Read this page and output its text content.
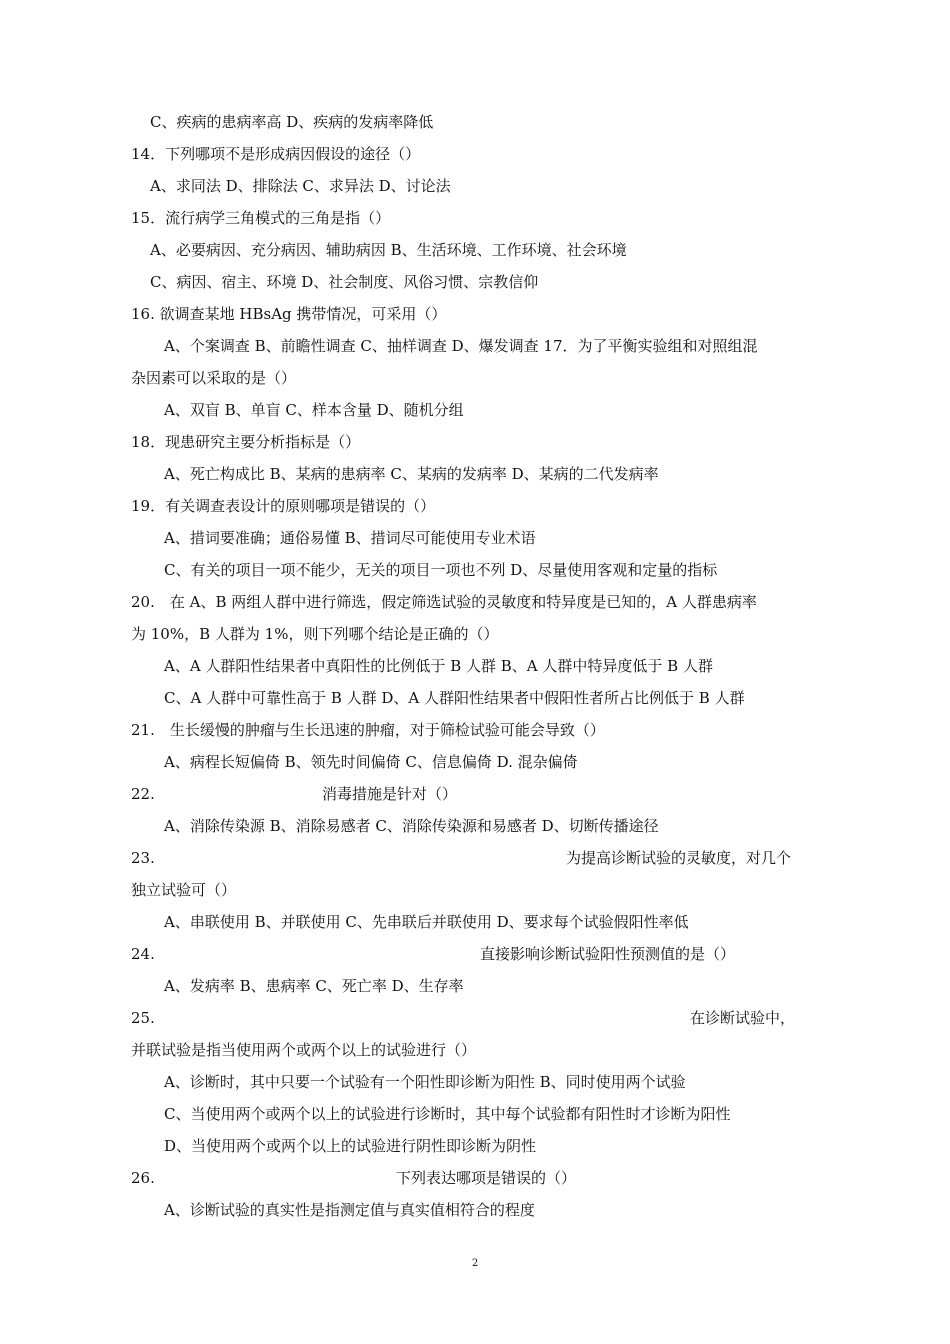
C、疾病的患病率高 D、疾病的发病率降低
14．下列哪项不是形成病因假设的途径（）
A、求同法 D、排除法 C、求异法 D、讨论法
15．流行病学三角模式的三角是指（）
A、必要病因、充分病因、辅助病因 B、生活环境、工作环境、社会环境
C、病因、宿主、环境 D、社会制度、风俗习惯、宗教信仰
16. 欲调查某地 HBsAg 携带情况，可采用（）
A、个案调查 B、前瞻性调查 C、抽样调查 D、爆发调查 17．为了平衡实验组和对照组混
杂因素可以采取的是（）
A、双盲 B、单盲 C、样本含量 D、随机分组
18．现患研究主要分析指标是（）
A、死亡构成比 B、某病的患病率 C、某病的发病率 D、某病的二代发病率
19．有关调查表设计的原则哪项是错误的（）
A、措词要准确；通俗易懂 B、措词尽可能使用专业术语
C、有关的项目一项不能少，无关的项目一项也不列 D、尽量使用客观和定量的指标
20.　在 A、B 两组人群中进行筛选，假定筛选试验的灵敏度和特异度是已知的，A 人群患病率
为 10%，B 人群为 1%，则下列哪个结论是正确的（）
A、A 人群阳性结果者中真阳性的比例低于 B 人群 B、A 人群中特异度低于 B 人群
C、A 人群中可靠性高于 B 人群 D、A 人群阳性结果者中假阳性者所占比例低于 B 人群
21.　生长缓慢的肿瘤与生长迅速的肿瘤，对于筛检试验可能会导致（）
A、病程长短偏倚 B、领先时间偏倚 C、信息偏倚 D. 混杂偏倚
22.	消毒措施是针对（）
A、消除传染源 B、消除易感者 C、消除传染源和易感者 D、切断传播途径
23.	为提高诊断试验的灵敏度，对几个
独立试验可（）
A、串联使用 B、并联使用 C、先串联后并联使用 D、要求每个试验假阳性率低
24.	直接影响诊断试验阳性预测值的是（）
A、发病率 B、患病率 C、死亡率 D、生存率
25.	在诊断试验中，
并联试验是指当使用两个或两个以上的试验进行（）
A、诊断时，其中只要一个试验有一个阳性即诊断为阳性 B、同时使用两个试验
C、当使用两个或两个以上的试验进行诊断时，其中每个试验都有阳性时才诊断为阳性
D、当使用两个或两个以上的试验进行阴性即诊断为阴性
26.	下列表达哪项是错误的（）
A、诊断试验的真实性是指测定值与真实值相符合的程度
2
